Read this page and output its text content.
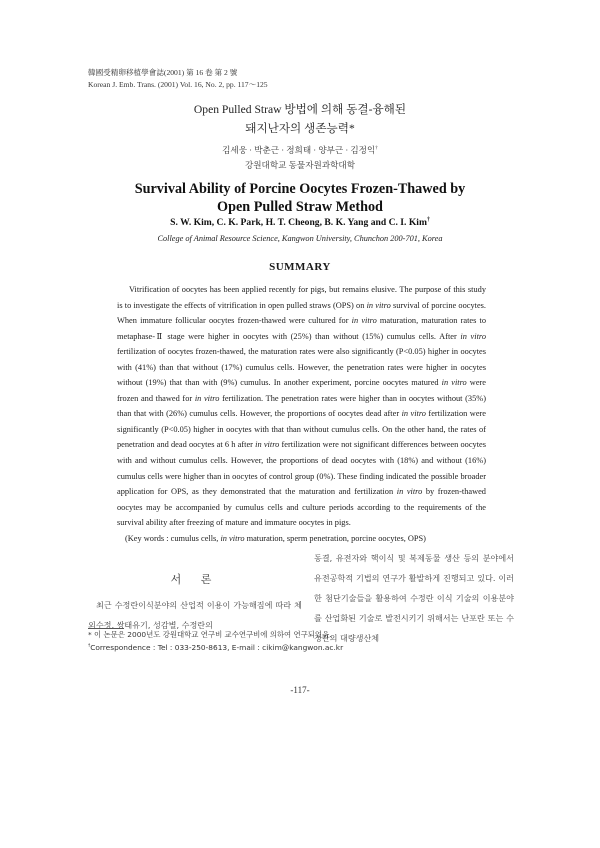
韓國受精卵移植學會誌(2001) 第 16 卷 第 2 號
Korean J. Emb. Trans. (2001) Vol. 16, No. 2, pp. 117～125
Open Pulled Straw 방법에 의해 동결-융해된
돼지난자의 생존능력*
김세웅 · 박춘근 · 정희태 · 양부근 · 김정익†
강원대학교 동물자원과학대학
Survival Ability of Porcine Oocytes Frozen-Thawed by
Open Pulled Straw Method
S. W. Kim, C. K. Park, H. T. Cheong, B. K. Yang and C. I. Kim†
College of Animal Resource Science, Kangwon University, Chunchon 200-701, Korea
SUMMARY

Vitrification of oocytes has been applied recently for pigs, but remains elusive. The purpose of this study is to investigate the effects of vitrification in open pulled straws (OPS) on in vitro survival of porcine oocytes. When immature follicular oocytes frozen-thawed were cultured for in vitro maturation, maturation rates to metaphase-Ⅱ stage were higher in oocytes with (25%) than without (15%) cumulus cells. After in vitro fertilization of oocytes frozen-thawed, the maturation rates were also significantly (P<0.05) higher in oocytes with (41%) than that without (17%) cumulus cells. However, the penetration rates were higher in oocytes without (19%) that than with (9%) cumulus. In another experiment, porcine oocytes matured in vitro were frozen and thawed for in vitro fertilization. The penetration rates were higher than in oocytes without (35%) than that with (26%) cumulus cells. However, the proportions of oocytes dead after in vitro fertilization were significantly (P<0.05) higher in oocytes with that than without cumulus cells. On the other hand, the rates of penetration and dead oocytes at 6 h after in vitro fertilization were not significant differences between oocytes with and without cumulus cells. However, the proportions of dead oocytes with (18%) and without (16%) cumulus cells were higher than in oocytes of control group (0%). These finding indicated the possible broader application for OPS, as they demonstrated that the maturation and fertilization in vitro by frozen-thawed oocytes may be accompanied by cumulus cells and culture periods according to the requirements of the survival ability after freezing of mature and immature oocytes in pigs.

(Key words : cumulus cells, in vitro maturation, sperm penetration, porcine oocytes, OPS)

서 론
최근 수정란이식분야의 산업적 이용이 가능해짐에 따라 체외수정, 쌍태유기, 성감별, 수정란의
동결, 유전자와 핵이식 및 복제동물 생산 등의 분야에서 유전공학적 기법의 연구가 활발하게 진행되고 있다. 이러한 첨단기술들을 활용하여 수정란 이식 기술의 이용분야를 산업화된 기술로 발전시키기 위해서는 난포란 또는 수정란의 대량생산체
* 이 논문은 2000년도 강원대학교 연구비 교수연구비에 의하여 연구되었음.
†Correspondence : Tel : 033-250-8613, E-mail : cikim@kangwon.ac.kr
-117-
